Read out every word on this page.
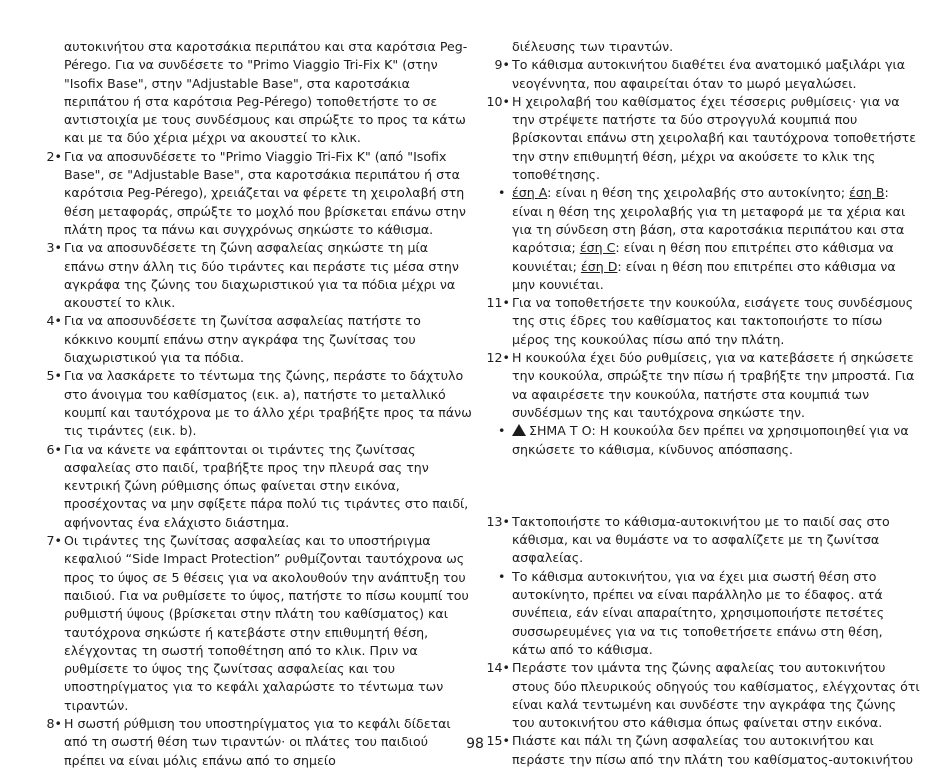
αυτοκινήτου στα καροτσάκια περιπάτου και στα καρότσια Peg-Pérego. Για να συνδέσετε το "Primo Viaggio Tri-Fix K" (στην "Isofix Base", στην "Adjustable Base", στα καροτσάκια περιπάτου ή στα καρότσια Peg-Pérego) τοποθετήστε το σε αντιστοιχία με τους συνδέσμους και σπρώξτε το προς τα κάτω και με τα δύο χέρια μέχρι να ακουστεί το κλικ.
2• Για να αποσυνδέσετε το "Primo Viaggio Tri-Fix K" (από "Isofix Base", σε "Adjustable Base", στα καροτσάκια περιπάτου ή στα καρότσια Peg-Pérego), χρειάζεται να φέρετε τη χειρολαβή στη θέση μεταφοράς, σπρώξτε το μοχλό που βρίσκεται επάνω στην πλάτη προς τα πάνω και συγχρόνως σηκώστε το κάθισμα.
3• Για να αποσυνδέσετε τη ζώνη ασφαλείας σηκώστε τη μία επάνω στην άλλη τις δύο τιράντες και περάστε τις μέσα στην αγκράφα της ζώνης του διαχωριστικού για τα πόδια μέχρι να ακουστεί το κλικ.
4• Για να αποσυνδέσετε τη ζωνίτσα ασφαλείας πατήστε το κόκκινο κουμπί επάνω στην αγκράφα της ζωνίτσας του διαχωριστικού για τα πόδια.
5• Για να λασκάρετε το τέντωμα της ζώνης, περάστε το δάχτυλο στο άνοιγμα του καθίσματος (εικ. a), πατήστε το μεταλλικό κουμπί και ταυτόχρονα με το άλλο χέρι τραβήξτε προς τα πάνω τις τιράντες (εικ. b).
6• Για να κάνετε να εφάπτονται οι τιράντες της ζωνίτσας ασφαλείας στο παιδί, τραβήξτε προς την πλευρά σας την κεντρική ζώνη ρύθμισης όπως φαίνεται στην εικόνα, προσέχοντας να μην σφίξετε πάρα πολύ τις τιράντες στο παιδί, αφήνοντας ένα ελάχιστο διάστημα.
7• Οι τιράντες της ζωνίτσας ασφαλείας και το υποστήριγμα κεφαλιού “Side Impact Protection” ρυθμίζονται ταυτόχρονα ως προς το ύψος σε 5 θέσεις για να ακολουθούν την ανάπτυξη του παιδιού. Για να ρυθμίσετε το ύψος, πατήστε το πίσω κουμπί του ρυθμιστή ύψους (βρίσκεται στην πλάτη του καθίσματος) και ταυτόχρονα σηκώστε ή κατεβάστε στην επιθυμητή θέση, ελέγχοντας τη σωστή τοποθέτηση από το κλικ. Πριν να ρυθμίσετε το ύψος της ζωνίτσας ασφαλείας και του υποστηρίγματος για το κεφάλι χαλαρώστε το τέντωμα των τιραντών.
8• Η σωστή ρύθμιση του υποστηρίγματος για το κεφάλι δίδεται από τη σωστή θέση των τιραντών· οι πλάτες του παιδιού πρέπει να είναι μόλις επάνω από το σημείο
διέλευσης των τιραντών.
9• Το κάθισμα αυτοκινήτου διαθέτει ένα ανατομικό μαξιλάρι για νεογέννητα, που αφαιρείται όταν το μωρό μεγαλώσει.
10• Η χειρολαβή του καθίσματος έχει τέσσερις ρυθμίσεις· για να την στρέψετε πατήστε τα δύο στρογγυλά κουμπιά που βρίσκονται επάνω στη χειρολαβή και ταυτόχρονα τοποθετήστε την στην επιθυμητή θέση, μέχρι να ακούσετε το κλικ της τοποθέτησης.
• έση A: είναι η θέση της χειρολαβής στο αυτοκίνητο; έση B: είναι η θέση της χειρολαβής για τη μεταφορά με τα χέρια και για τη σύνδεση στη βάση, στα καροτσάκια περιπάτου και στα καρότσια; έση C: είναι η θέση που επιτρέπει στο κάθισμα να κουνιέται; έση D: είναι η θέση που επιτρέπει στο κάθισμα να μην κουνιέται.
11• Για να τοποθετήσετε την κουκούλα, εισάγετε τους συνδέσμους της στις έδρες του καθίσματος και τακτοποιήστε το πίσω μέρος της κουκούλας πίσω από την πλάτη.
12• Η κουκούλα έχει δύο ρυθμίσεις, για να κατεβάσετε ή σηκώσετε την κουκούλα, σπρώξτε την πίσω ή τραβήξτε την μπροστά. Για να αφαιρέσετε την κουκούλα, πατήστε στα κουμπιά των συνδέσμων της και ταυτόχρονα σηκώστε την.
• ΣΗΜΑ Τ Ο: Η κουκούλα δεν πρέπει να χρησιμοποιηθεί για να σηκώσετε το κάθισμα, κίνδυνος απόσπασης.
13• Τακτοποιήστε το κάθισμα-αυτοκινήτου με το παιδί σας στο κάθισμα, και να θυμάστε να το ασφαλίζετε με τη ζωνίτσα ασφαλείας.
• Το κάθισμα αυτοκινήτου, για να έχει μια σωστή θέση στο αυτοκίνητο, πρέπει να είναι παράλληλο με το έδαφος. ατά συνέπεια, εάν είναι απαραίτητο, χρησιμοποιήστε πετσέτες συσσωρευμένες για να τις τοποθετήσετε επάνω στη θέση, κάτω από το κάθισμα.
14• Περάστε τον ιμάντα της ζώνης αφαλείας του αυτοκινήτου στους δύο πλευρικούς οδηγούς του καθίσματος, ελέγχοντας ότι είναι καλά τεντωμένη και συνδέστε την αγκράφα της ζώνης του αυτοκινήτου στο κάθισμα όπως φαίνεται στην εικόνα.
15• Πιάστε και πάλι τη ζώνη ασφαλείας του αυτοκινήτου και περάστε την πίσω από την πλάτη του καθίσματος-αυτοκινήτου
98
